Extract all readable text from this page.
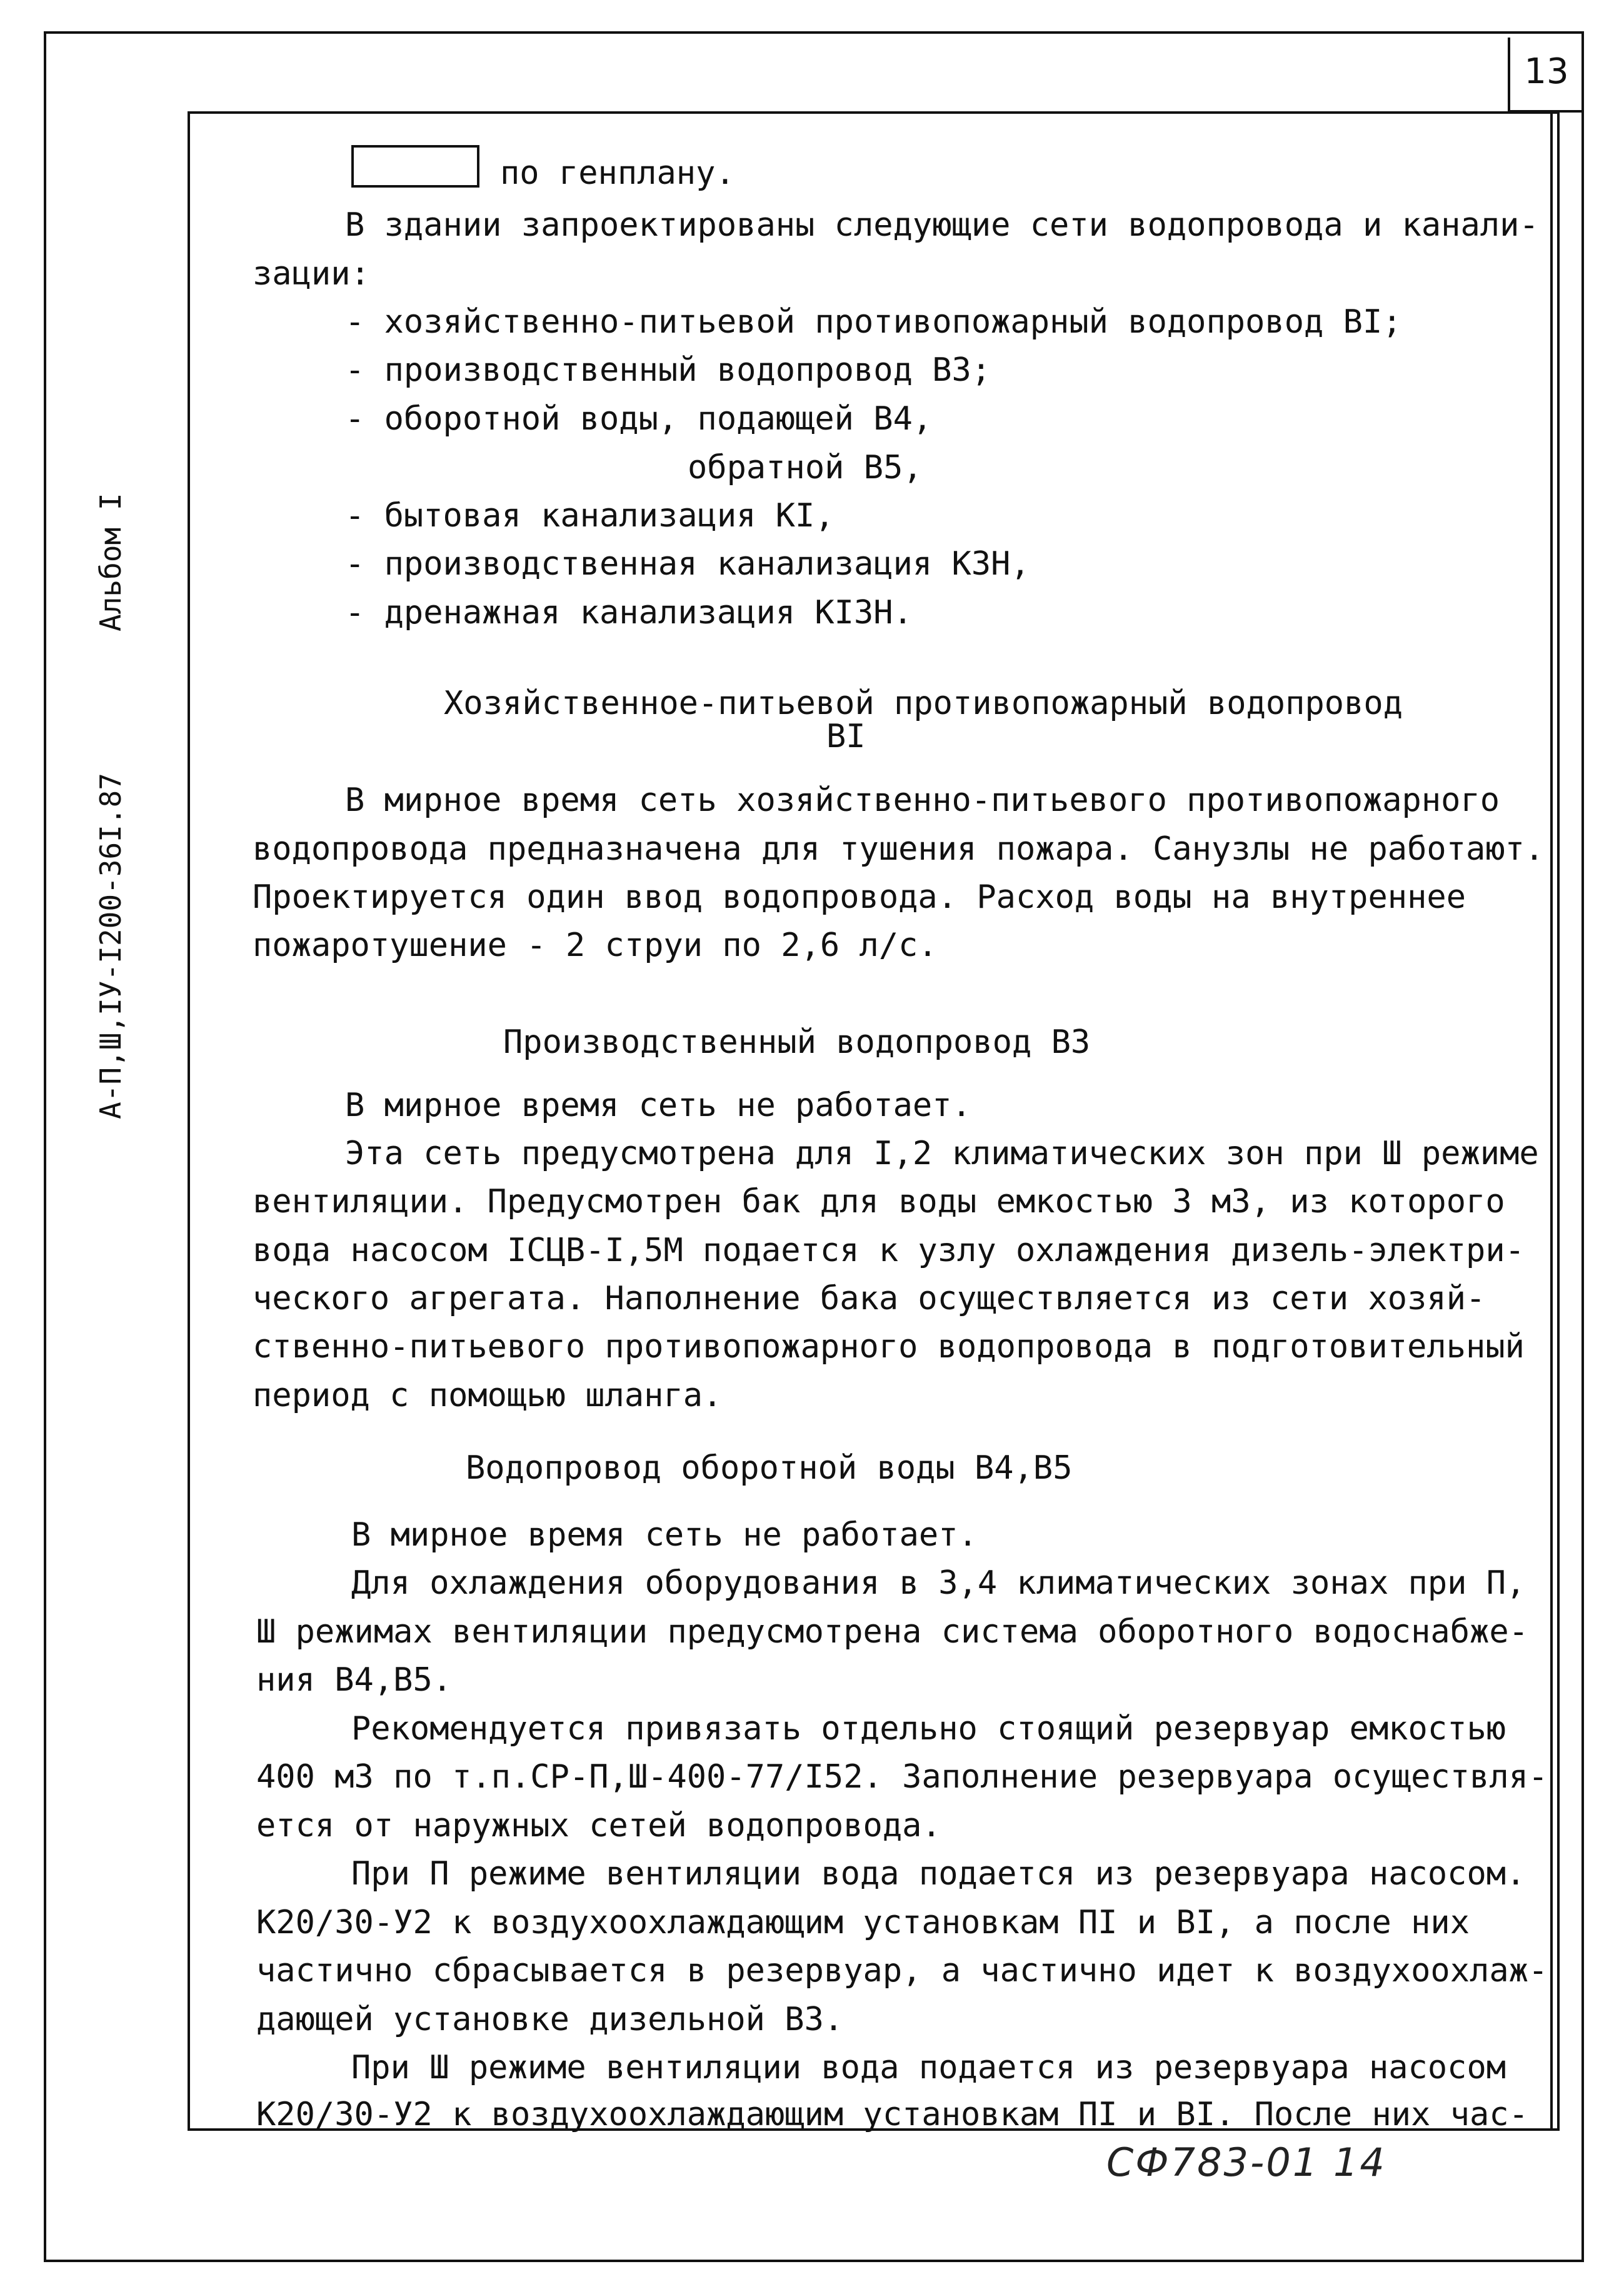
13
Альбом I
А-П,Ш,IУ-I200-36I.87
по генплану.
В здании запроектированы следующие сети водопровода и канали-
зации:
- хозяйственно-питьевой противопожарный водопровод BI;
- производственный водопровод В3;
- оборотной воды, подающей В4,
обратной В5,
- бытовая канализация КI,
- производственная канализация К3Н,
- дренажная канализация КI3Н.
Хозяйственное-питьевой противопожарный водопровод
BI
В мирное время сеть хозяйственно-питьевого противопожарного
водопровода предназначена для тушения пожара. Санузлы не работают.
Проектируется один ввод водопровода. Расход воды на внутреннее
пожаротушение - 2 струи по 2,6 л/с.
Производственный водопровод В3
В мирное время сеть не работает.
Эта сеть предусмотрена для I,2 климатических зон при Ш режиме
вентиляции. Предусмотрен бак для воды емкостью 3 м3, из которого
вода насосом IСЦВ-I,5М подается к узлу охлаждения дизель-электри-
ческого агрегата. Наполнение бака осуществляется из сети хозяй-
ственно-питьевого противопожарного водопровода в подготовительный
период с помощью шланга.
Водопровод оборотной воды В4,В5
В мирное время сеть не работает.
Для охлаждения оборудования в 3,4 климатических зонах при П,
Ш режимах вентиляции предусмотрена система оборотного водоснабже-
ния В4,В5.
Рекомендуется привязать отдельно стоящий резервуар емкостью
400 м3 по т.п.СР-П,Ш-400-77/I52. Заполнение резервуара осуществля-
ется от наружных сетей водопровода.
При П режиме вентиляции вода подается из резервуара насосом.
К20/30-У2 к воздухоохлаждающим установкам ПI и ВI, а после них
частично сбрасывается в резервуар, а частично идет к воздухоохлаж-
дающей установке дизельной В3.
При Ш режиме вентиляции вода подается из резервуара насосом
К20/30-У2 к воздухоохлаждающим установкам ПI и ВI. После них час-
СФ783-01 14
